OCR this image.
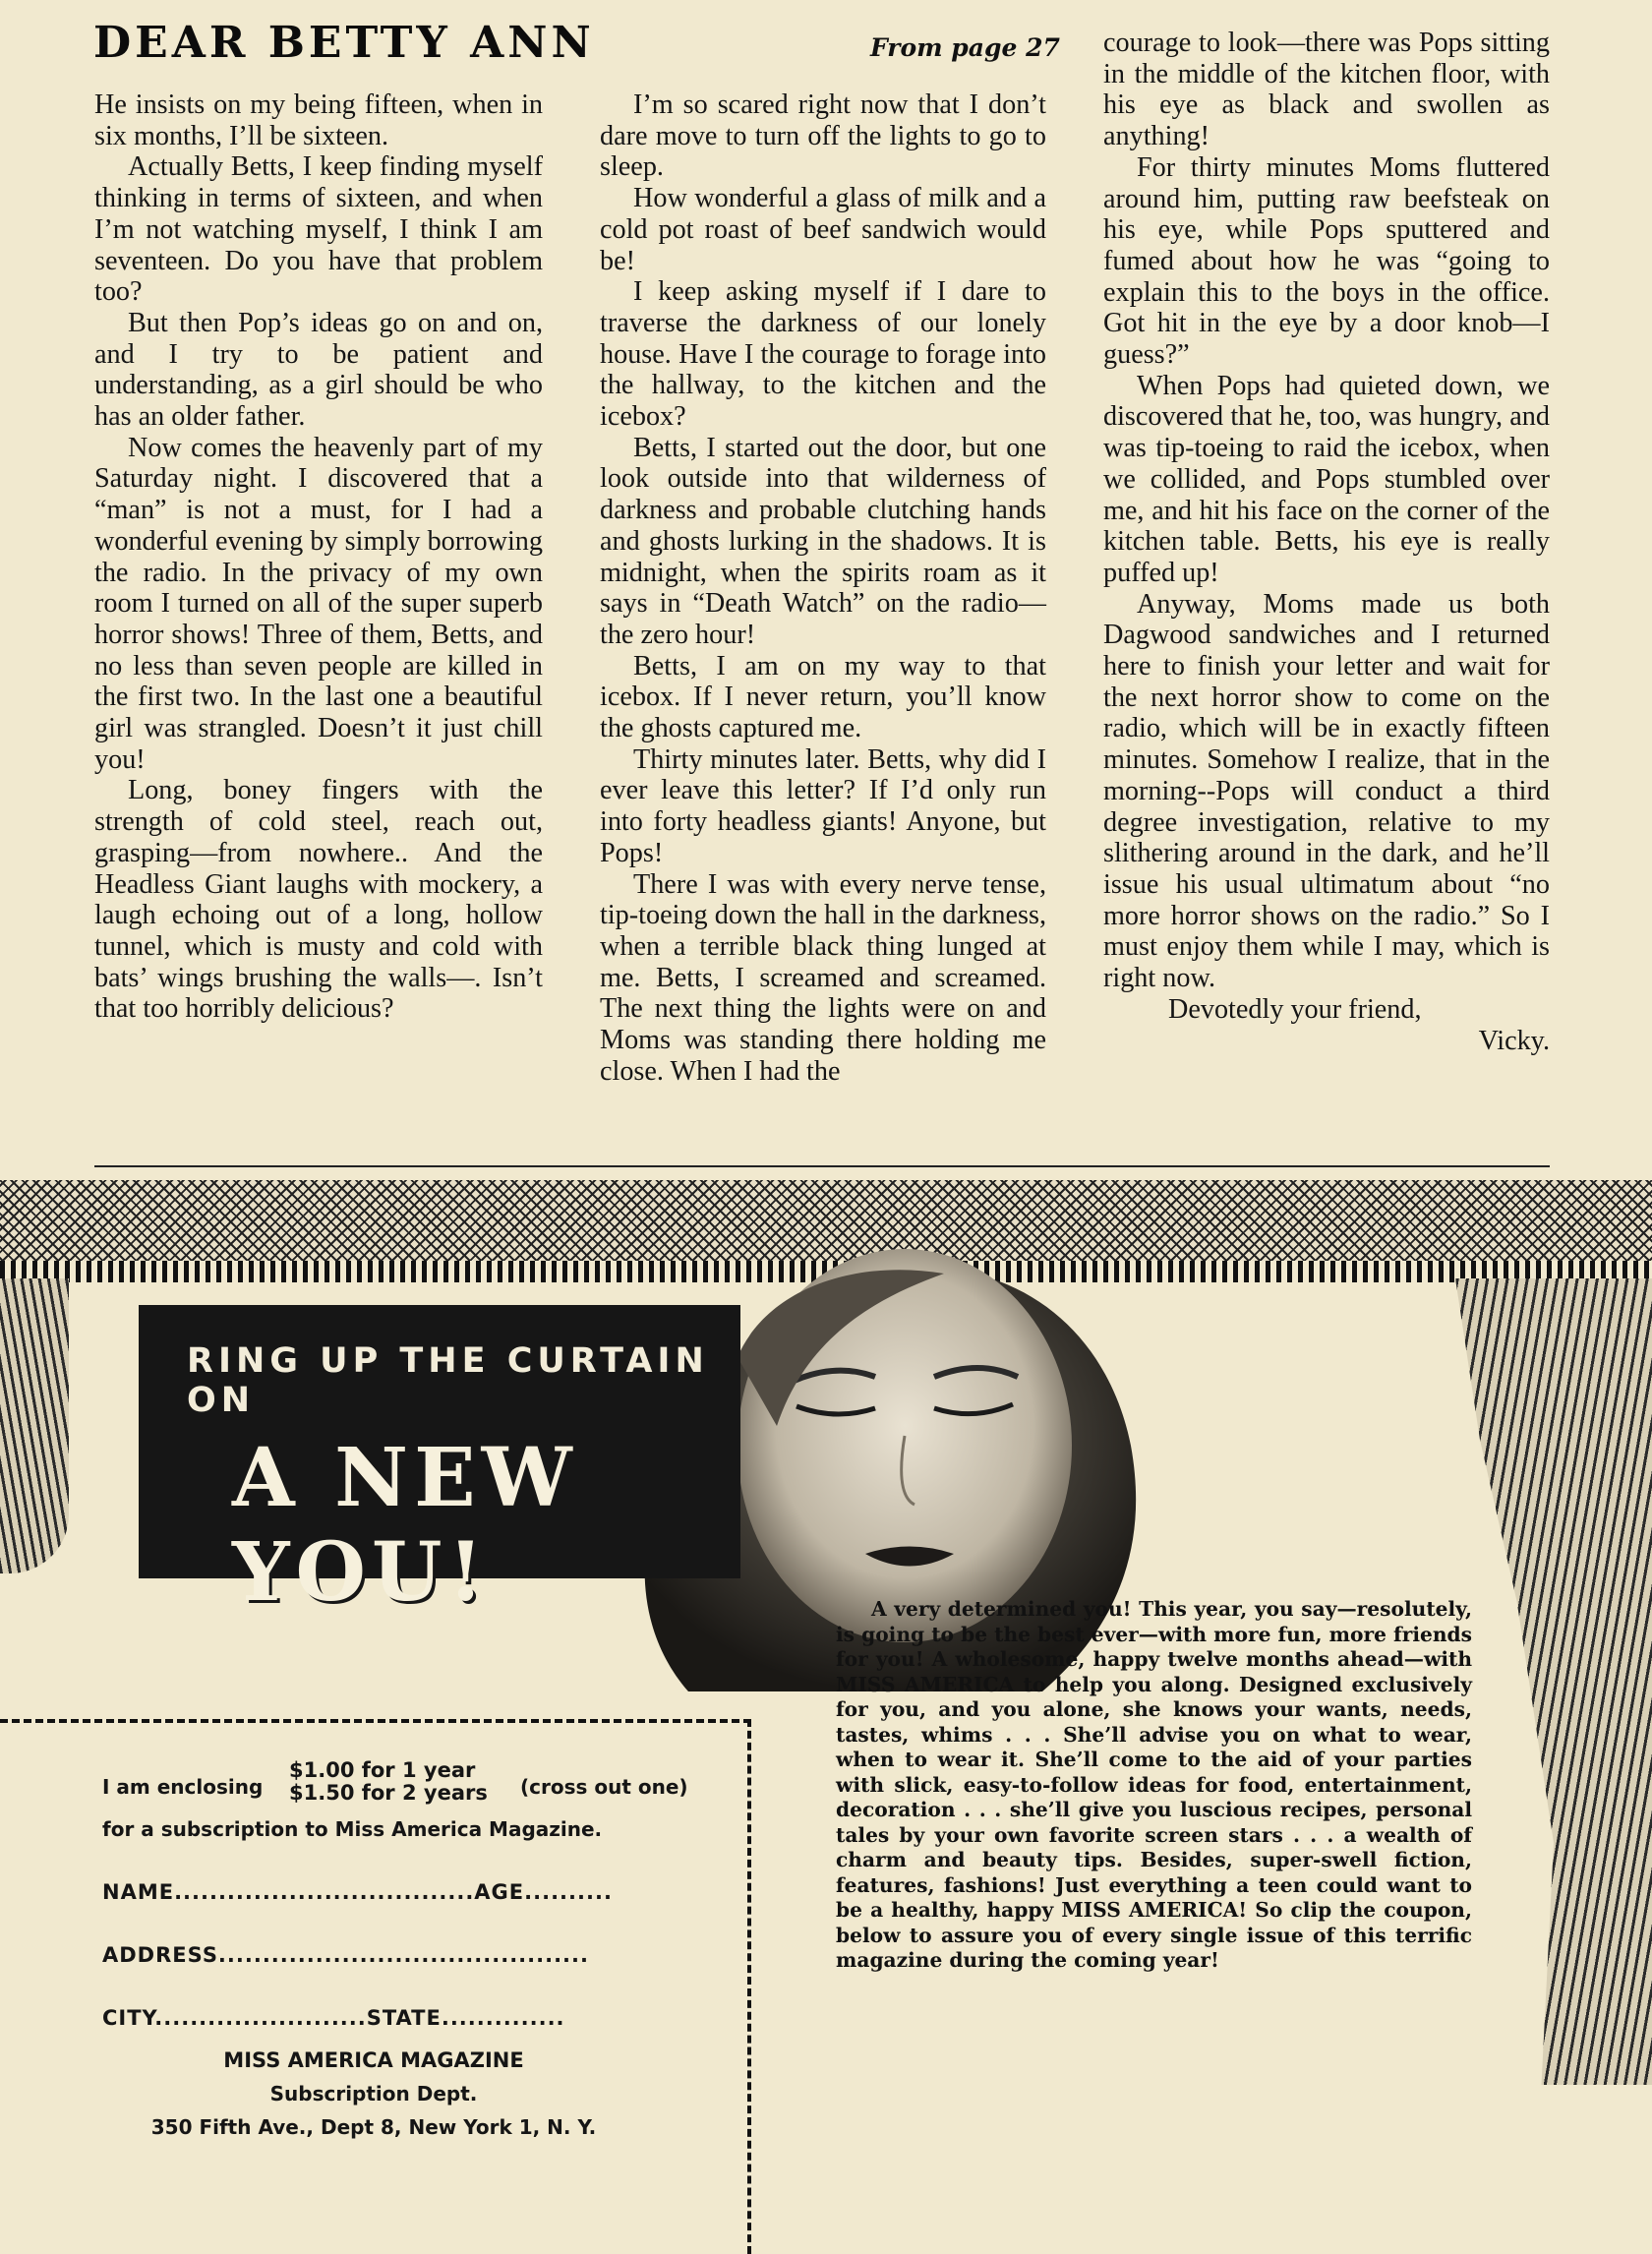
DEAR BETTY ANN	From page 27

He insists on my being fifteen, when in six months, I’ll be sixteen.

Actually Betts, I keep finding myself thinking in terms of sixteen, and when I’m not watching myself, I think I am seventeen. Do you have that problem too?

But then Pop’s ideas go on and on, and I try to be patient and understanding, as a girl should be who has an older father.

Now comes the heavenly part of my Saturday night. I discovered that a “man” is not a must, for I had a wonderful evening by simply borrowing the radio. In the privacy of my own room I turned on all of the super superb horror shows! Three of them, Betts, and no less than seven people are killed in the first two. In the last one a beautiful girl was strangled. Doesn’t it just chill you!

Long, boney fingers with the strength of cold steel, reach out, grasping—from nowhere.. And the Headless Giant laughs with mockery, a laugh echoing out of a long, hollow tunnel, which is musty and cold with bats’ wings brushing the walls—. Isn’t that too horribly delicious?

I’m so scared right now that I don’t dare move to turn off the lights to go to sleep.

How wonderful a glass of milk and a cold pot roast of beef sandwich would be!

I keep asking myself if I dare to traverse the darkness of our lonely house. Have I the courage to forage into the hallway, to the kitchen and the icebox?

Betts, I started out the door, but one look outside into that wilderness of darkness and probable clutching hands and ghosts lurking in the shadows. It is midnight, when the spirits roam as it says in “Death Watch” on the radio—the zero hour!

Betts, I am on my way to that icebox. If I never return, you’ll know the ghosts captured me.

Thirty minutes later. Betts, why did I ever leave this letter? If I’d only run into forty headless giants! Anyone, but Pops!

There I was with every nerve tense, tip-toeing down the hall in the darkness, when a terrible black thing lunged at me. Betts, I screamed and screamed. The next thing the lights were on and Moms was standing there holding me close. When I had the

courage to look—there was Pops sitting in the middle of the kitchen floor, with his eye as black and swollen as anything!

For thirty minutes Moms fluttered around him, putting raw beefsteak on his eye, while Pops sputtered and fumed about how he was “going to explain this to the boys in the office. Got hit in the eye by a door knob—I guess?”

When Pops had quieted down, we discovered that he, too, was hungry, and was tip-toeing to raid the icebox, when we collided, and Pops stumbled over me, and hit his face on the corner of the kitchen table. Betts, his eye is really puffed up!

Anyway, Moms made us both Dagwood sandwiches and I returned here to finish your letter and wait for the next horror show to come on the radio, which will be in exactly fifteen minutes. Somehow I realize, that in the morning--Pops will conduct a third degree investigation, relative to my slithering around in the dark, and he’ll issue his usual ultimatum about “no more horror shows on the radio.” So I must enjoy them while I may, which is right now.

Devotedly your friend,
Vicky.
RING UP THE CURTAIN ON
A NEW YOU!	A very determined you! This year, you say—resolutely, is going to be the best ever—with more fun, more friends for you! A wholesome, happy twelve months ahead—with MISS AMERICA to help you along. Designed exclusively for you, and you alone, she knows your wants, needs, tastes, whims . . . She’ll advise you on what to wear, when to wear it. She’ll come to the aid of your parties with slick, easy-to-follow ideas for food, entertainment, decoration . . . she’ll give you luscious recipes, personal tales by your own favorite screen stars . . . a wealth of charm and beauty tips. Besides, super-swell fiction, features, fashions! Just everything a teen could want to be a healthy, happy MISS AMERICA! So clip the coupon, below to assure you of every single issue of this terrific magazine during the coming year!
I am enclosing
$1.00 for 1 year
$1.50 for 2 years (cross out one)
for a subscription to Miss America Magazine.
NAME..................................AGE..........
ADDRESS..........................................
CITY........................STATE..............
MISS AMERICA MAGAZINE
Subscription Dept.
350 Fifth Ave., Dept 8, New York 1, N. Y.
